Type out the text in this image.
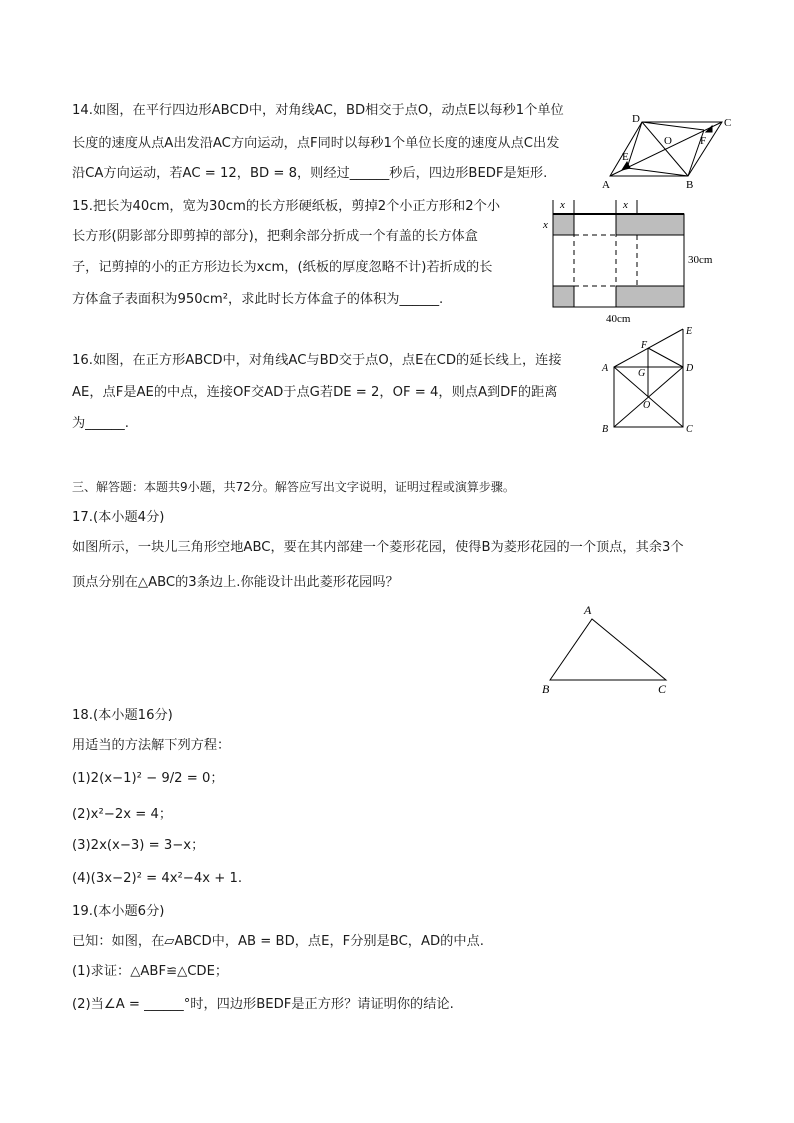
14.如图，在平行四边形ABCD中，对角线AC，BD相交于点O，动点E以每秒1个单位
长度的速度从点A出发沿AC方向运动，点F同时以每秒1个单位长度的速度从点C出发
沿CA方向运动，若AC = 12，BD = 8，则经过______秒后，四边形BEDF是矩形.
A	B
C
D
E
F
O
15.把长为40cm，宽为30cm的长方形硬纸板，剪掉2个小正方形和2个小
长方形(阴影部分即剪掉的部分)，把剩余部分折成一个有盖的长方体盒
子，记剪掉的小的正方形边长为xcm，(纸板的厚度忽略不计)若折成的长
方体盒子表面积为950cm²，求此时长方体盒子的体积为______.
x	x
x
30cm
40cm
16.如图，在正方形ABCD中，对角线AC与BD交于点O，点E在CD的延长线上，连接
AE，点F是AE的中点，连接OF交AD于点G若DE = 2，OF = 4，则点A到DF的距离
为______.
A
B	C
D
E
F
G
O
三、解答题：本题共9小题，共72分。解答应写出文字说明，证明过程或演算步骤。
17.(本小题4分)
如图所示，一块儿三角形空地ABC，要在其内部建一个菱形花园，使得B为菱形花园的一个顶点，其余3个
顶点分别在△ABC的3条边上.你能设计出此菱形花园吗？
A
B	C
18.(本小题16分)
用适当的方法解下列方程：
(1)2(x−1)² − 9/2 = 0；
(2)x²−2x = 4；
(3)2x(x−3) = 3−x；
(4)(3x−2)² = 4x²−4x + 1.
19.(本小题6分)
已知：如图，在▱ABCD中，AB = BD，点E，F分别是BC，AD的中点.
(1)求证：△ABF≌△CDE；
(2)当∠A = ______°时，四边形BEDF是正方形？请证明你的结论.
